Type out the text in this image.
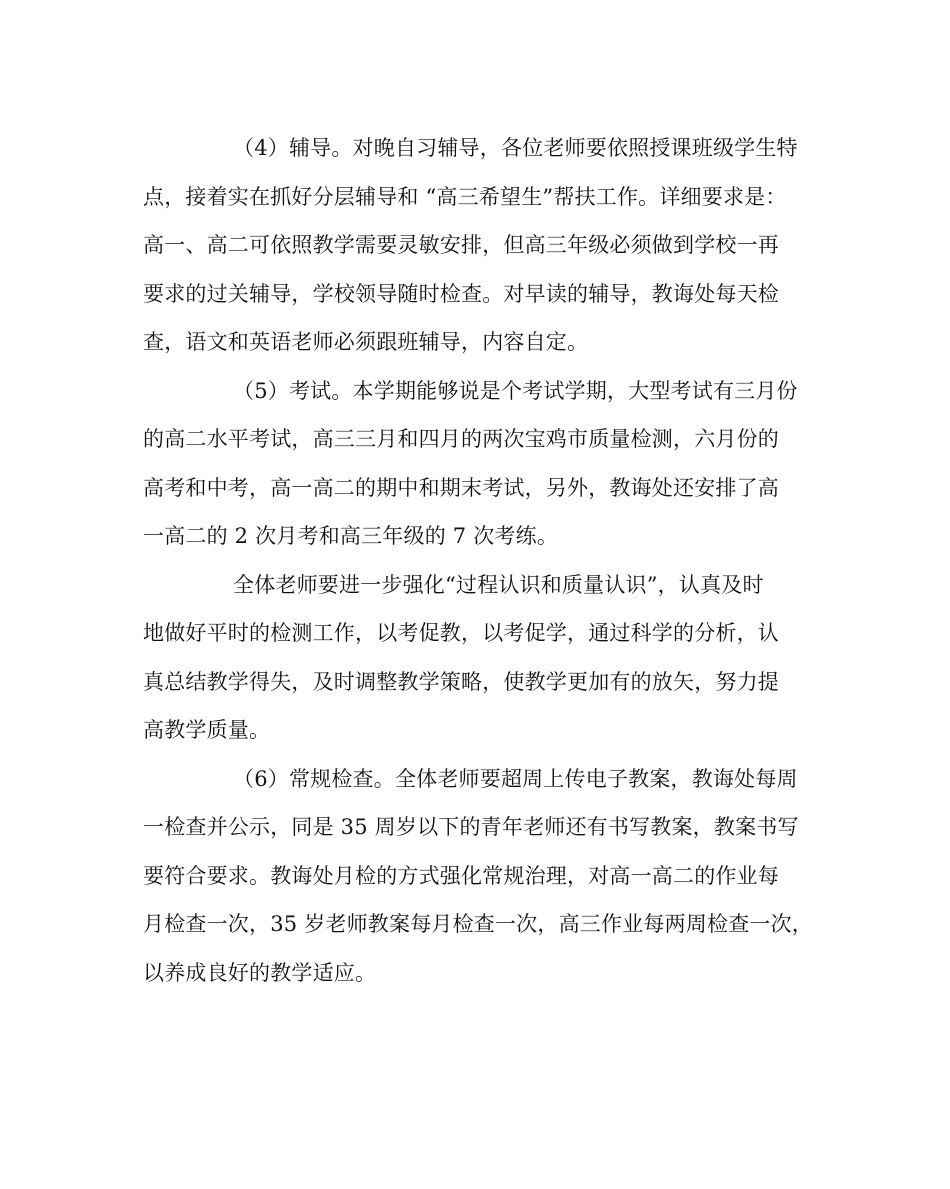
（4）辅导。对晚自习辅导，各位老师要依照授课班级学生特
点，接着实在抓好分层辅导和 “高三希望生”帮扶工作。详细要求是：
高一、高二可依照教学需要灵敏安排，但高三年级必须做到学校一再
要求的过关辅导，学校领导随时检查。对早读的辅导，教诲处每天检
查，语文和英语老师必须跟班辅导，内容自定。
（5）考试。本学期能够说是个考试学期，大型考试有三月份
的高二水平考试，高三三月和四月的两次宝鸡市质量检测，六月份的
高考和中考，高一高二的期中和期末考试，另外，教诲处还安排了高
一高二的 2 次月考和高三年级的 7 次考练。
全体老师要进一步强化“过程认识和质量认识”，认真及时
地做好平时的检测工作，以考促教，以考促学，通过科学的分析，认
真总结教学得失，及时调整教学策略，使教学更加有的放矢，努力提
高教学质量。
（6）常规检查。全体老师要超周上传电子教案，教诲处每周
一检查并公示，同是 35 周岁以下的青年老师还有书写教案，教案书写
要符合要求。教诲处月检的方式强化常规治理，对高一高二的作业每
月检查一次，35 岁老师教案每月检查一次，高三作业每两周检查一次，
以养成良好的教学适应。
